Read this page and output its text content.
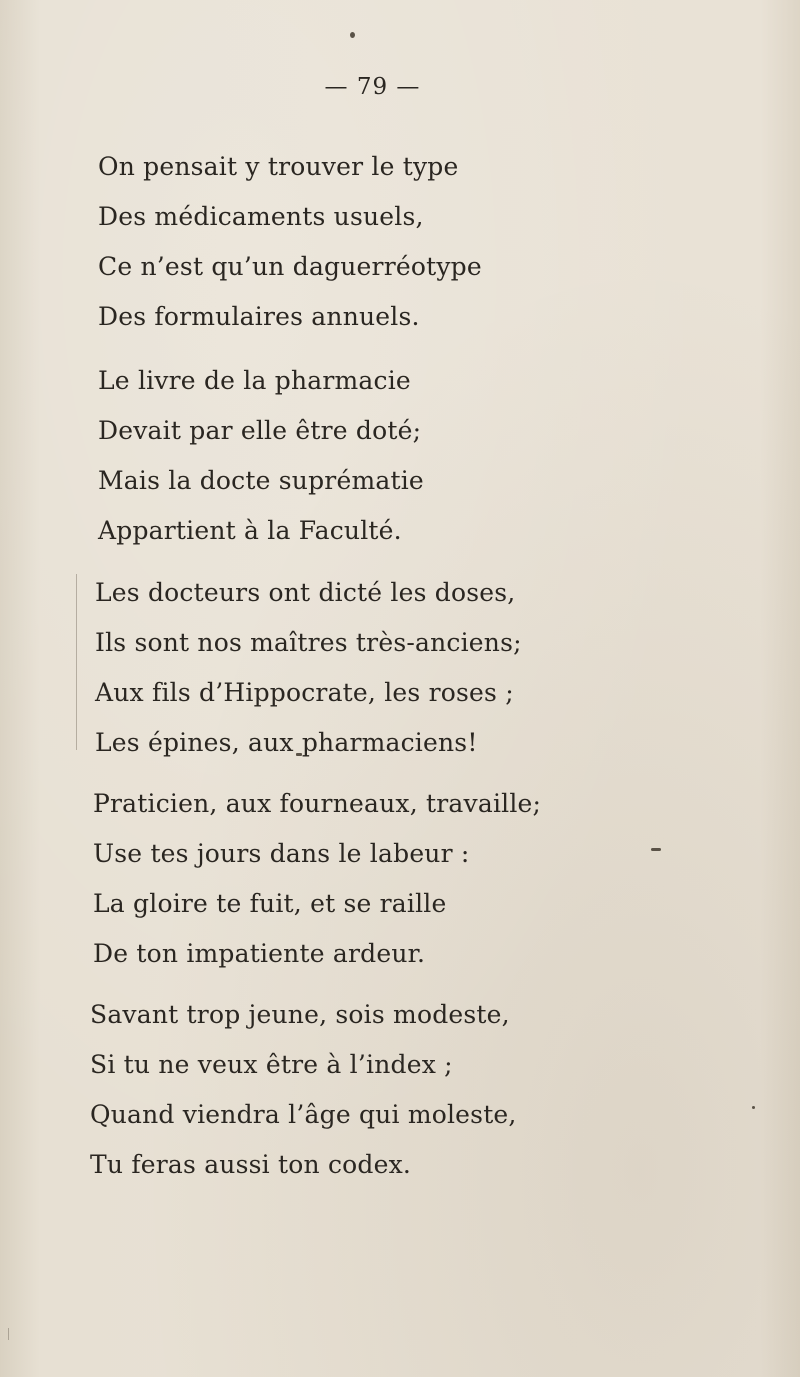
— 79 —
On pensait y trouver le type
Des médicaments usuels,
Ce n’est qu’un daguerréotype
Des formulaires annuels.
Le livre de la pharmacie
Devait par elle être doté;
Mais la docte suprématie
Appartient à la Faculté.
Les docteurs ont dicté les doses,
Ils sont nos maîtres très-anciens;
Aux fils d’Hippocrate, les roses ;
Les épines, aux pharmaciens!
Praticien, aux fourneaux, travaille;
Use tes jours dans le labeur :
La gloire te fuit, et se raille
De ton impatiente ardeur.
Savant trop jeune, sois modeste,
Si tu ne veux être à l’index ;
Quand viendra l’âge qui moleste,
Tu feras aussi ton codex.
